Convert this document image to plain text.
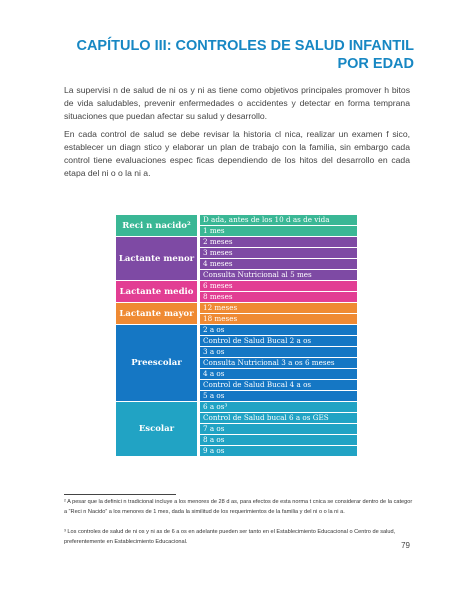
CAPÍTULO III: CONTROLES DE SALUD INFANTIL
POR EDAD
La supervisi n de salud de ni os y ni as tiene como objetivos principales promover h bitos de vida saludables, prevenir enfermedades o accidentes y detectar en forma temprana situaciones que puedan afectar su salud y desarrollo.
En cada control de salud se debe revisar la historia cl nica, realizar un examen f sico, establecer un diagn stico y elaborar un plan de trabajo con la familia, sin embargo cada control tiene evaluaciones espec ficas dependiendo de los hitos del desarrollo en cada etapa del ni o o la ni a.
Reci n nacido²
D ada, antes de los 10 d as de vida
1 mes
Lactante menor
2 meses
3 meses
4 meses
Consulta Nutricional al 5 mes
Lactante medio
6 meses
8 meses
Lactante mayor
12 meses
18 meses
Preescolar
2 a os
Control de Salud Bucal 2 a os
3 a os
Consulta Nutricional 3 a os 6 meses
4 a os
Control de Salud Bucal 4 a os
5 a os
Escolar
6 a os³
Control de Salud bucal 6 a os GES
7 a os
8 a os
9 a os
² A pesar que la definici n tradicional incluye a los menores de 28 d as, para efectos de esta norma t cnica se considerar dentro de la categor a “Reci n Nacido” a los menores de 1 mes, dada la similitud de los requerimientos de la familia y del ni o o la ni a.
³ Los controles de salud de ni os y ni as de 6 a os en adelante pueden ser tanto en el Establecimiento Educacional o Centro de salud, preferentemente en Establecimiento Educacional.	79
